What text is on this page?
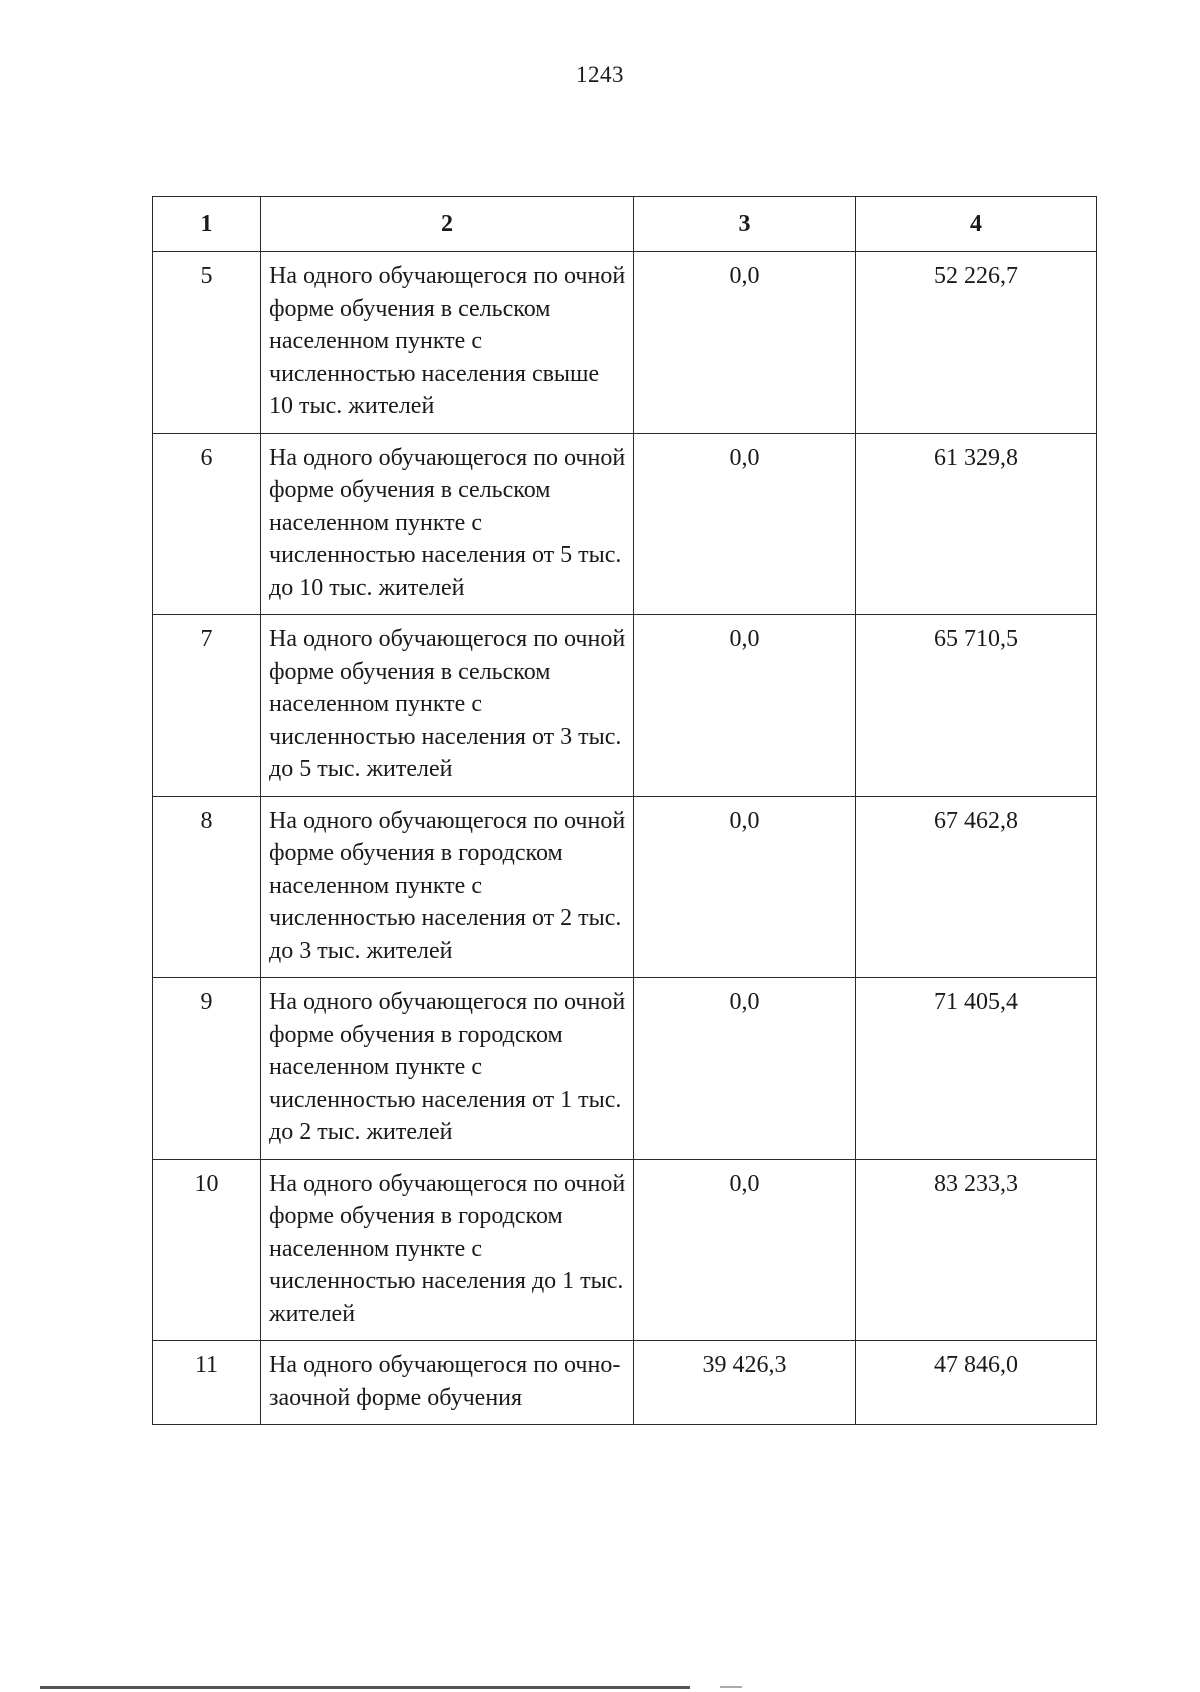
1243
1	2	3	4
5	На одного обучающегося по очной форме обучения в сельском населенном пункте с численностью населения свыше 10 тыс. жителей	0,0	52 226,7
6	На одного обучающегося по очной форме обучения в сельском населенном пункте с численностью населения от 5 тыс. до 10 тыс. жителей	0,0	61 329,8
7	На одного обучающегося по очной форме обучения в сельском населенном пункте с численностью населения от 3 тыс. до 5 тыс. жителей	0,0	65 710,5
8	На одного обучающегося по очной форме обучения в городском населенном пункте с численностью населения от 2 тыс. до 3 тыс. жителей	0,0	67 462,8
9	На одного обучающегося по очной форме обучения в городском населенном пункте с численностью населения от 1 тыс. до 2 тыс. жителей	0,0	71 405,4
10	На одного обучающегося по очной форме обучения в городском населенном пункте с численностью населения до 1 тыс. жителей	0,0	83 233,3
11	На одного обучающегося по очно-заочной форме обучения	39 426,3	47 846,0
